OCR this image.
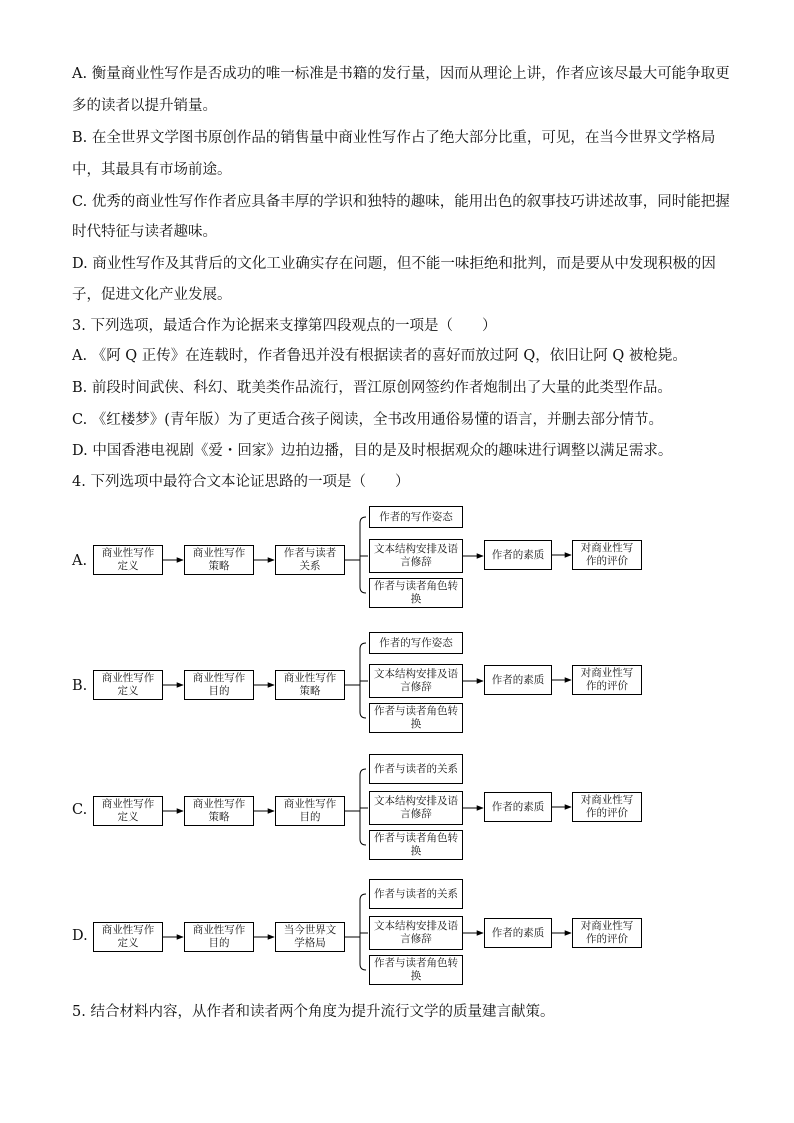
A. 衡量商业性写作是否成功的唯一标准是书籍的发行量，因而从理论上讲，作者应该尽最大可能争取更
多的读者以提升销量。
B. 在全世界文学图书原创作品的销售量中商业性写作占了绝大部分比重，可见，在当今世界文学格局
中，其最具有市场前途。
C. 优秀的商业性写作作者应具备丰厚的学识和独特的趣味，能用出色的叙事技巧讲述故事，同时能把握
时代特征与读者趣味。
D. 商业性写作及其背后的文化工业确实存在问题，但不能一味拒绝和批判，而是要从中发现积极的因
子，促进文化产业发展。
3. 下列选项，最适合作为论据来支撑第四段观点的一项是（　　）
A. 《阿 Q 正传》在连载时，作者鲁迅并没有根据读者的喜好而放过阿 Q，依旧让阿 Q 被枪毙。
B. 前段时间武侠、科幻、耽美类作品流行，晋江原创网签约作者炮制出了大量的此类型作品。
C. 《红楼梦》(青年版）为了更适合孩子阅读，全书改用通俗易懂的语言，并删去部分情节。
D. 中国香港电视剧《爱・回家》边拍边播，目的是及时根据观众的趣味进行调整以满足需求。
4. 下列选项中最符合文本论证思路的一项是（　　）
A.	商业性写作定义
商业性写作策略
作者与读者关系
作者的写作姿态
文本结构安排及语言修辞
作者与读者角色转换
作者的素质
对商业性写作的评价
B.	商业性写作定义
商业性写作目的
商业性写作策略
作者的写作姿态
文本结构安排及语言修辞
作者与读者角色转换
作者的素质
对商业性写作的评价
C.	商业性写作定义
商业性写作策略
商业性写作目的
作者与读者的关系
文本结构安排及语言修辞
作者与读者角色转换
作者的素质
对商业性写作的评价
D.	商业性写作定义
商业性写作目的
当今世界文学格局
作者与读者的关系
文本结构安排及语言修辞
作者与读者角色转换
作者的素质
对商业性写作的评价
5. 结合材料内容，从作者和读者两个角度为提升流行文学的质量建言献策。
